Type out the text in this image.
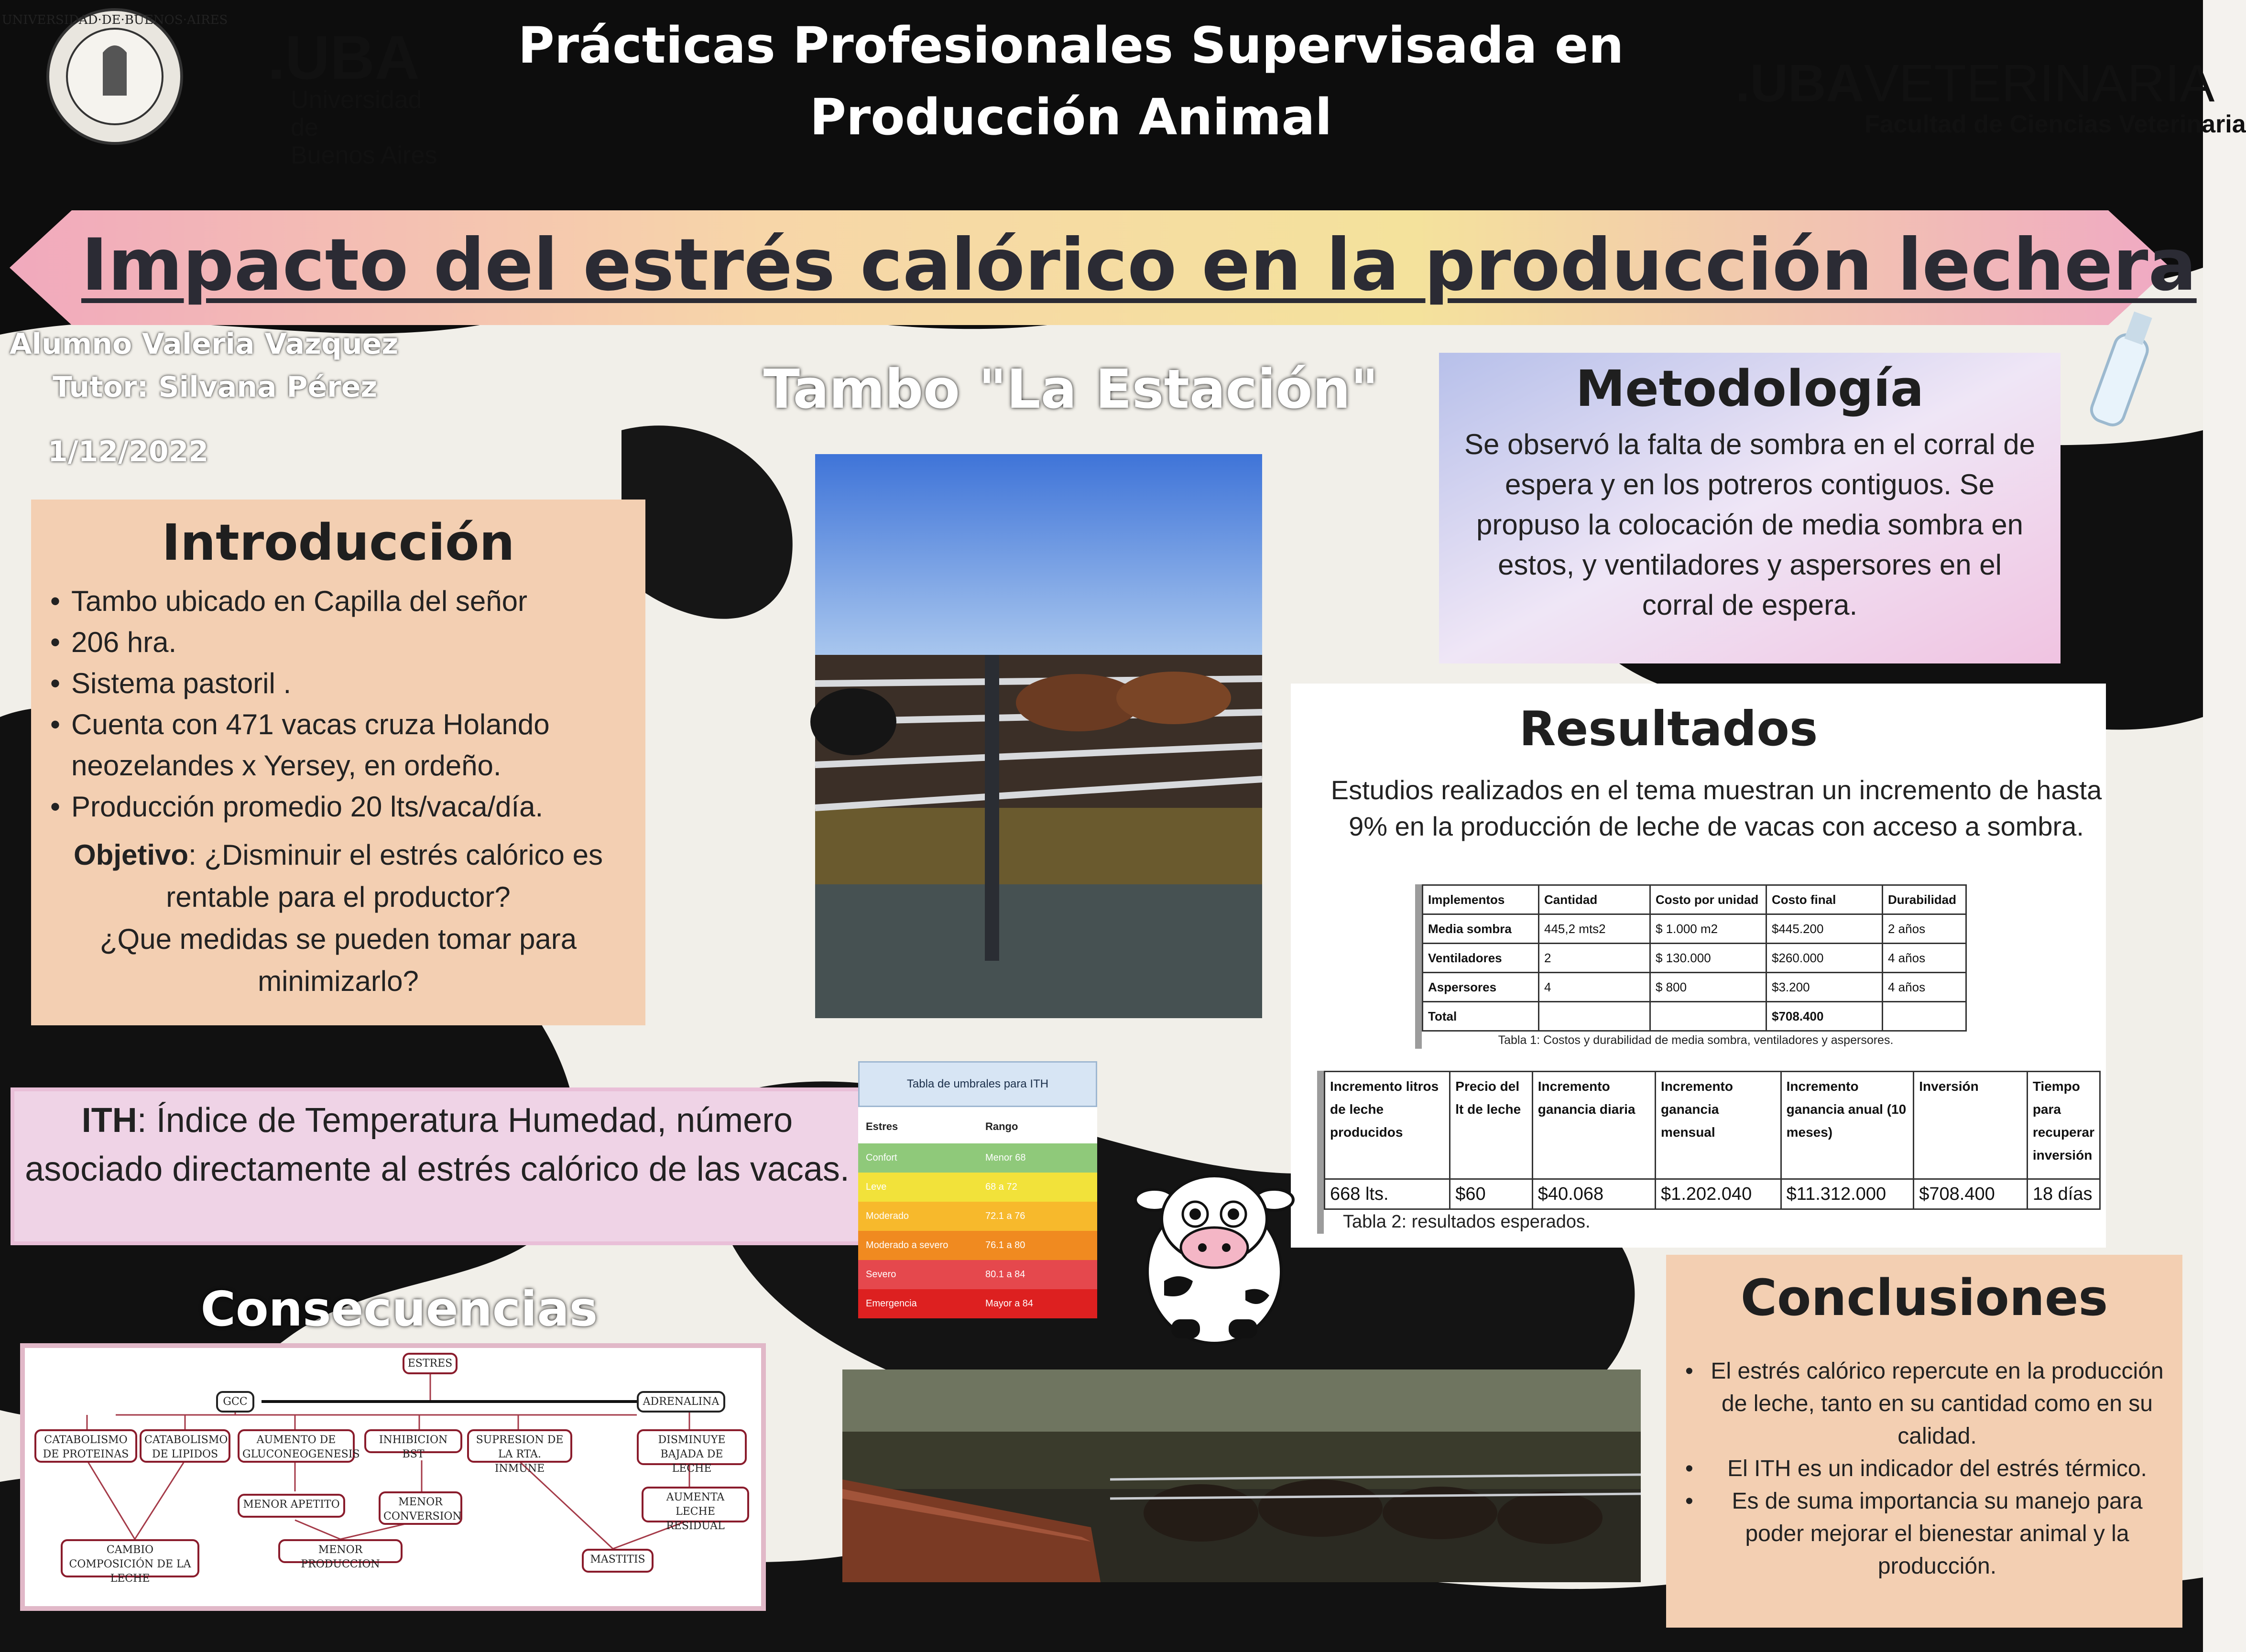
UNIVERSIDAD·DE·BUENOS·AIRES
.UBA
Universidad de
Buenos Aires
Prácticas Profesionales Supervisada en
Producción Animal
.UBAVETERINARIA
Facultad de Ciencias Veterinaria
Impacto del estrés calórico en la producción lechera
Alumno Valeria Vazquez
Tutor: Silvana Pérez
1/12/2022
Introducción
• Tambo ubicado en Capilla del señor
• 206 hra.
• Sistema pastoril .
• Cuenta con 471 vacas cruza Holando neozelandes x Yersey, en ordeño.
• Producción promedio 20 lts/vaca/día.
Objetivo: ¿Disminuir el estrés calórico es rentable para el productor?
¿Que medidas se pueden tomar para minimizarlo?
Tambo "La Estación"	Metodología
Se observó la falta de sombra en el corral de espera y en los potreros contiguos. Se propuso la colocación de media sombra en estos, y ventiladores y aspersores en el corral de espera.
Resultados
Estudios realizados en el tema muestran un incremento de hasta 9% en la producción de leche de vacas con acceso a sombra.
Implementos	Cantidad	Costo por unidad	Costo final	Durabilidad
Media sombra	445,2 mts2	$ 1.000 m2	$445.200	2 años
Ventiladores	2	$ 130.000	$260.000	4 años
Aspersores	4	$ 800	$3.200	4 años
Total			$708.400	
Tabla 1: Costos y durabilidad de media sombra, ventiladores y aspersores.
Incremento litros de leche producidos	Precio del lt de leche	Incremento ganancia diaria	Incremento ganancia mensual	Incremento ganancia anual (10 meses)	Inversión	Tiempo para recuperar inversión
668 lts.	$60	$40.068	$1.202.040	$11.312.000	$708.400	18 días
Tabla 2: resultados esperados.
ITH: Índice de Temperatura Humedad, número asociado directamente al estrés calórico de las vacas.
Tabla de umbrales para ITH
Estres	Rango
Confort	Menor 68
Leve	68 a 72
Moderado	72.1 a 76
Moderado a severo	76.1 a 80
Severo	80.1 a 84
Emergencia	Mayor a 84
Consecuencias
ESTRES
GCC	ADRENALINA
CATABOLISMO DE PROTEINAS
CATABOLISMO DE LIPIDOS
AUMENTO DE GLUCONEOGENESIS
INHIBICION BST
SUPRESION DE LA RTA. INMUNE
DISMINUYE BAJADA DE LECHE
MENOR APETITO	MENOR CONVERSION
AUMENTA LECHE RESIDUAL
CAMBIO COMPOSICIÓN DE LA LECHE
MENOR PRODUCCION	MASTITIS
Conclusiones
• El estrés calórico repercute en la producción de leche, tanto en su cantidad como en su calidad.
• El ITH es un indicador del estrés térmico.
• Es de suma importancia su manejo para poder mejorar el bienestar animal y la producción.
